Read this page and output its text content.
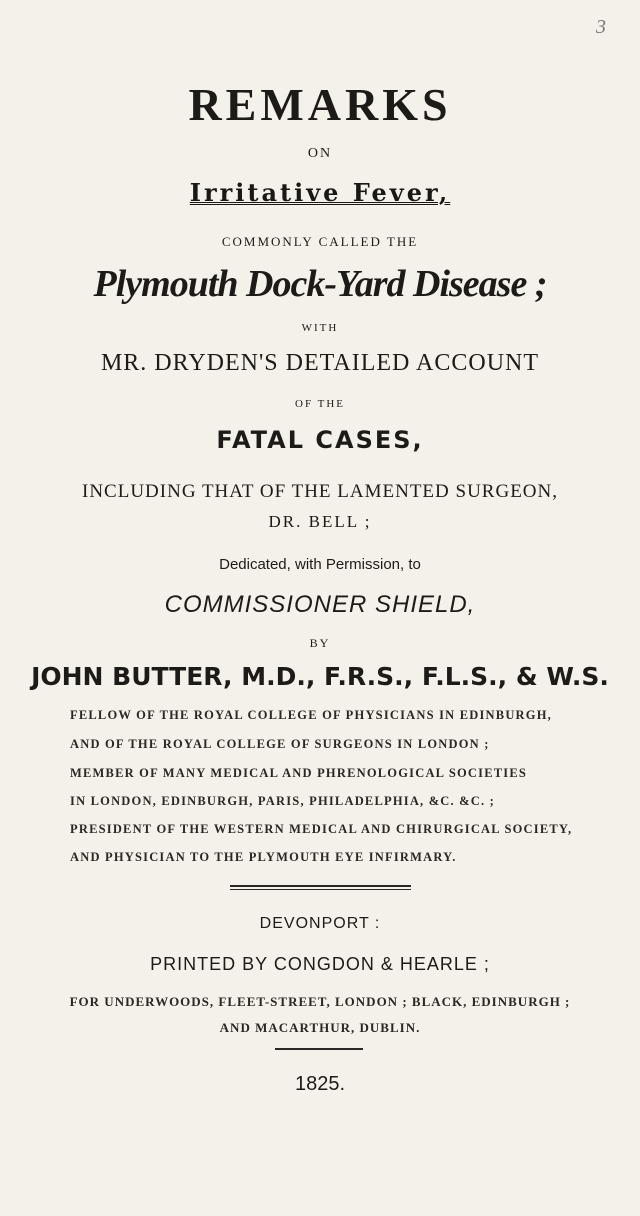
3
REMARKS
ON
Irritative Fever,
COMMONLY CALLED THE
Plymouth Dock-Yard Disease ;
WITH
MR. DRYDEN'S DETAILED ACCOUNT
OF THE
FATAL CASES,
INCLUDING THAT OF THE LAMENTED SURGEON,
DR. BELL ;
Dedicated, with Permission, to
COMMISSIONER SHIELD,
BY
JOHN BUTTER, M.D., F.R.S., F.L.S., & W.S.
FELLOW OF THE ROYAL COLLEGE OF PHYSICIANS IN EDINBURGH,
AND OF THE ROYAL COLLEGE OF SURGEONS IN LONDON ;
MEMBER OF MANY MEDICAL AND PHRENOLOGICAL SOCIETIES
IN LONDON, EDINBURGH, PARIS, PHILADELPHIA, &C. &C. ;
PRESIDENT OF THE WESTERN MEDICAL AND CHIRURGICAL SOCIETY,
AND PHYSICIAN TO THE PLYMOUTH EYE INFIRMARY.
DEVONPORT :
PRINTED BY CONGDON & HEARLE ;
FOR UNDERWOODS, FLEET-STREET, LONDON ; BLACK, EDINBURGH ;
AND MACARTHUR, DUBLIN.
1825.
